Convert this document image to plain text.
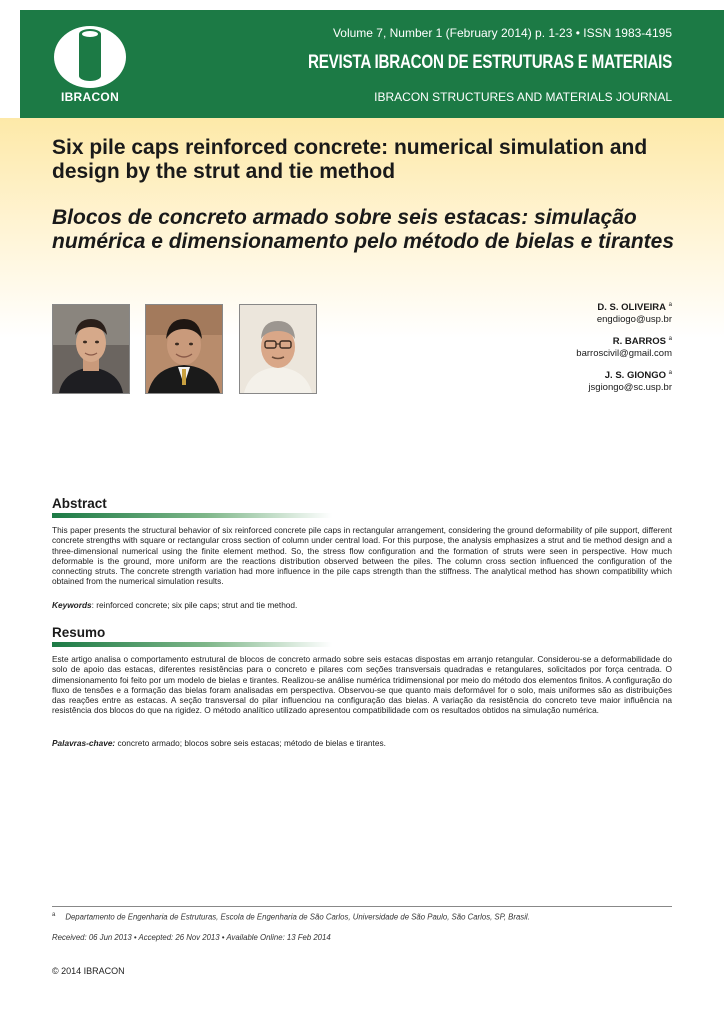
IBRACON
Volume 7, Number 1 (February 2014) p. 1-23 • ISSN 1983-4195
REVISTA IBRACON DE ESTRUTURAS E MATERIAIS
IBRACON STRUCTURES AND MATERIALS JOURNAL
Six pile caps reinforced concrete: numerical simulation and design by the strut and tie method
Blocos de concreto armado sobre seis estacas: simulação numérica e dimensionamento pelo método de bielas e tirantes
D. S. OLIVEIRA $^a$
engdiogo@usp.br
R. BARROS $^a$
barroscivil@gmail.com
J. S. GIONGO $^a$
jsgiongo@sc.usp.br
Abstract
This paper presents the structural behavior of six reinforced concrete pile caps in rectangular arrangement, considering the ground deformability of pile support, different concrete strengths with square or rectangular cross section of column under central load. For this purpose, the analysis emphasizes a strut and tie method design and a three-dimensional numerical using the finite element method. So, the stress flow configuration and the formation of struts were seen in perspective. How much deformable is the ground, more uniform are the reactions distribution observed between the piles. The column cross section influenced the configuration of the connecting struts. The concrete strength variation had more influence in the pile caps strength than the stiffness. The analytical method has shown compatibility which obtained from the numerical simulation results.
Keywords: reinforced concrete; six pile caps; strut and tie method.
Resumo
Este artigo analisa o comportamento estrutural de blocos de concreto armado sobre seis estacas dispostas em arranjo retangular. Considerou-se a deformabilidade do solo de apoio das estacas, diferentes resistências para o concreto e pilares com seções transversais quadradas e retangulares, solicitados por força centrada. O dimensionamento foi feito por um modelo de bielas e tirantes. Realizou-se análise numérica tridimensional por meio do método dos elementos finitos. A configuração do fluxo de tensões e a formação das bielas foram analisadas em perspectiva. Observou-se que quanto mais deformável for o solo, mais uniformes são as distribuições das reações entre as estacas. A seção transversal do pilar influenciou na configuração das bielas. A variação da resistência do concreto teve maior influência na resistência dos blocos do que na rigidez. O método analítico utilizado apresentou compatibilidade com os resultados obtidos na simulação numérica.
Palavras-chave: concreto armado; blocos sobre seis estacas; método de bielas e tirantes.
$^a$ Departamento de Engenharia de Estruturas, Escola de Engenharia de São Carlos, Universidade de São Paulo, São Carlos, SP, Brasil.
Received: 06 Jun 2013 • Accepted: 26 Nov 2013 • Available Online: 13 Feb 2014
© 2014 IBRACON
